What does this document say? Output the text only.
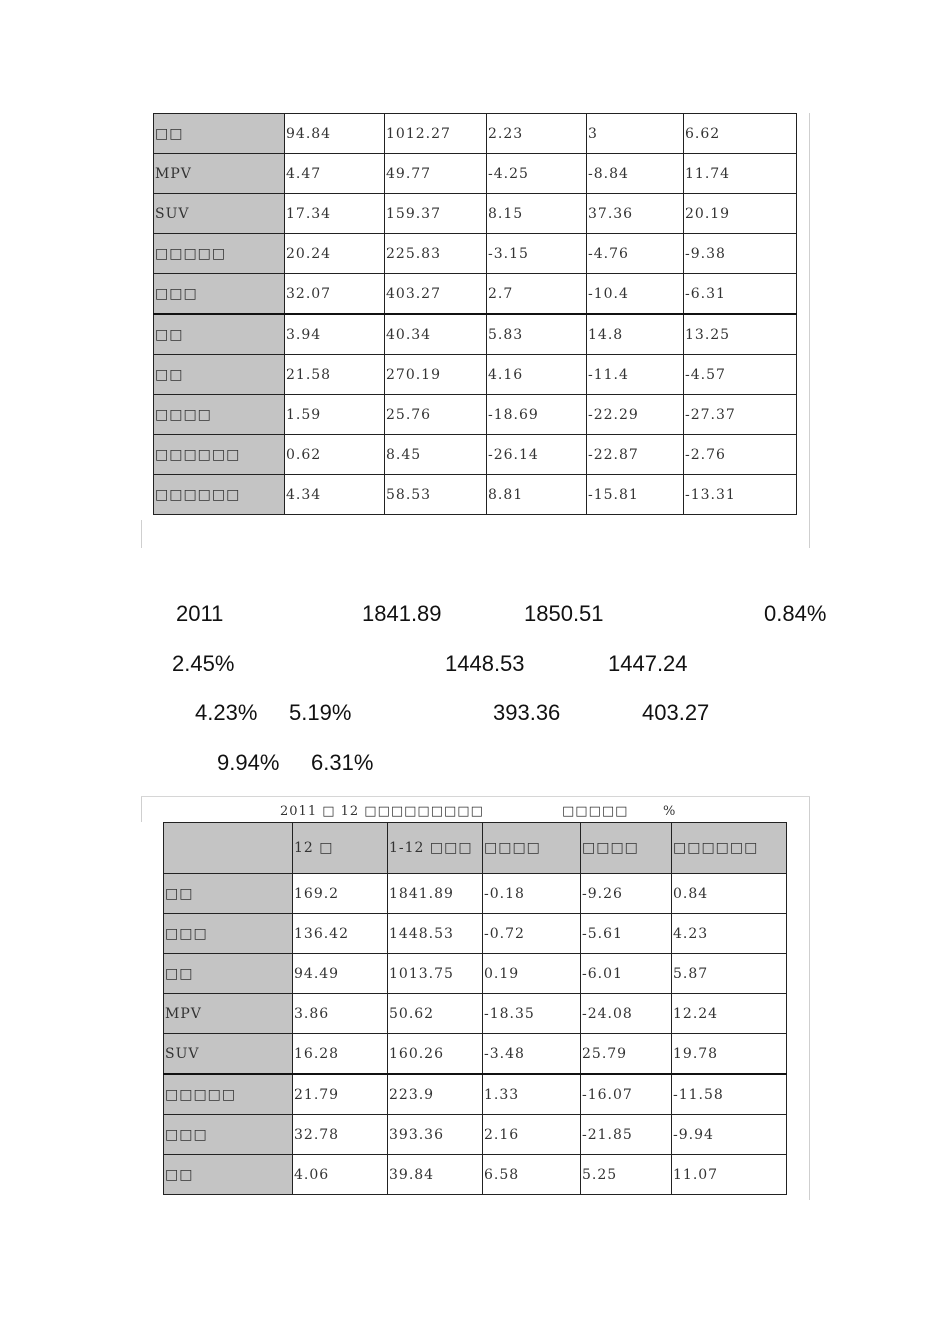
□□	94.84	1012.27	2.23	3	6.62
MPV	4.47	49.77	-4.25	-8.84	11.74
SUV	17.34	159.37	8.15	37.36	20.19
□□□□□	20.24	225.83	-3.15	-4.76	-9.38
□□□	32.07	403.27	2.7	-10.4	-6.31
□□	3.94	40.34	5.83	14.8	13.25
□□	21.58	270.19	4.16	-11.4	-4.57
□□□□	1.59	25.76	-18.69	-22.29	-27.37
□□□□□□	0.62	8.45	-26.14	-22.87	-2.76
□□□□□□	4.34	58.53	8.81	-15.81	-13.31
2011	1841.89	1850.51	0.84%
2.45%	1448.53	1447.24
4.23% 5.19%	393.36	403.27
9.94% 6.31%
2011 □ 12 □□□□□□□□□	□□□□□	%
	12 □	1-12 □□□	□□□□	□□□□	□□□□□□
□□	169.2	1841.89	-0.18	-9.26	0.84
□□□	136.42	1448.53	-0.72	-5.61	4.23
□□	94.49	1013.75	0.19	-6.01	5.87
MPV	3.86	50.62	-18.35	-24.08	12.24
SUV	16.28	160.26	-3.48	25.79	19.78
□□□□□	21.79	223.9	1.33	-16.07	-11.58
□□□	32.78	393.36	2.16	-21.85	-9.94
□□	4.06	39.84	6.58	5.25	11.07
